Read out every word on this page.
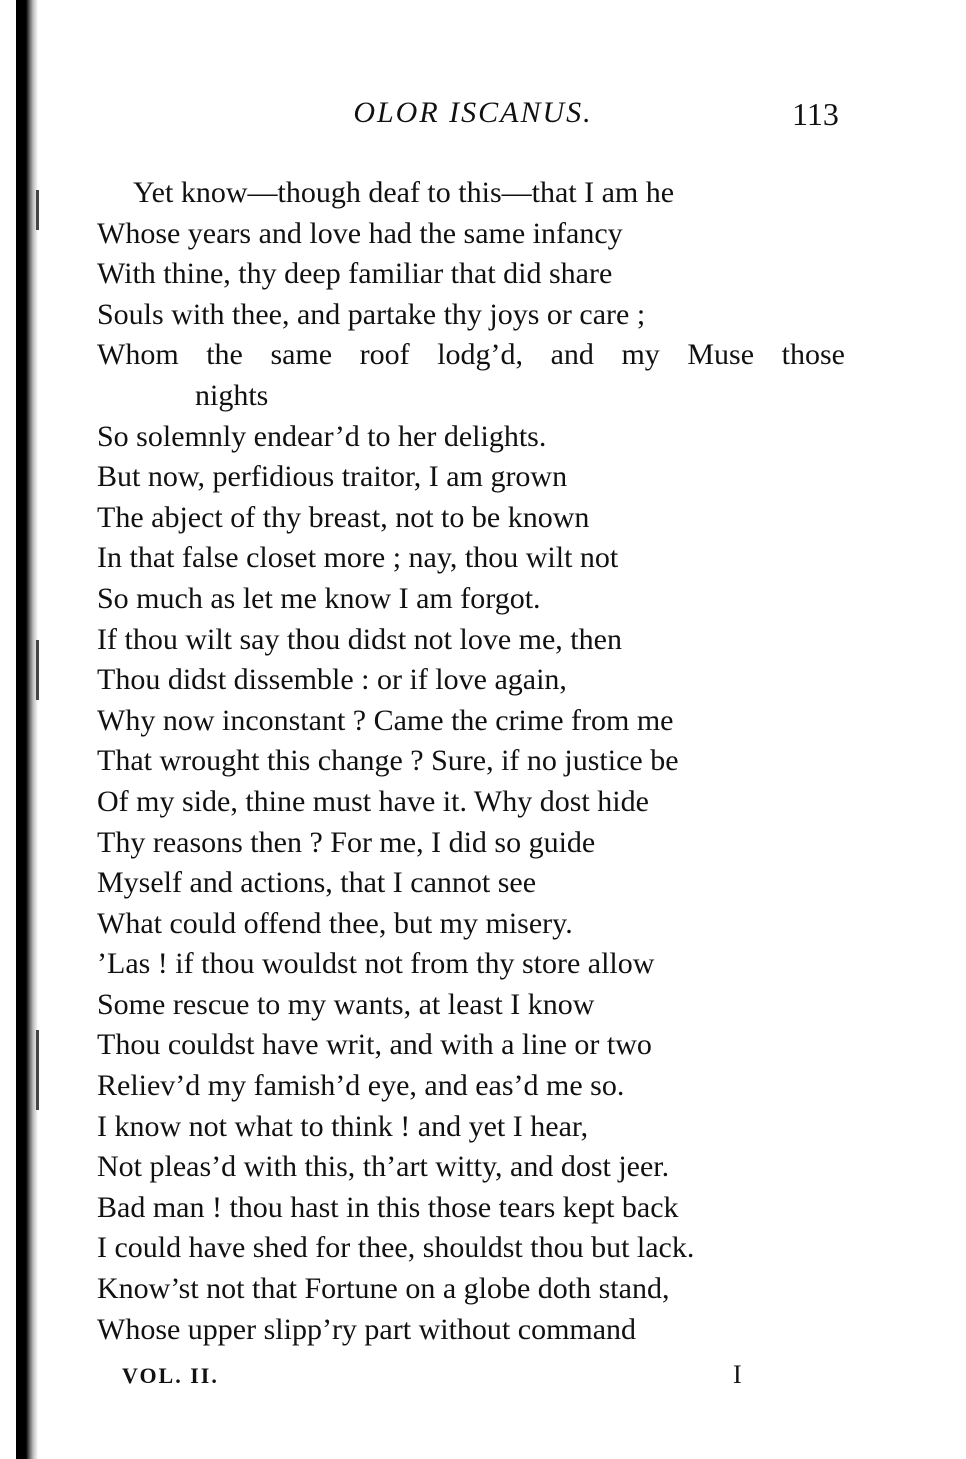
OLOR ISCANUS.	113
Yet know—though deaf to this—that I am he
Whose years and love had the same infancy
With thine, thy deep familiar that did share
Souls with thee, and partake thy joys or care ;
Whom the same roof lodg’d, and my Muse those
nights
So solemnly endear’d to her delights.
But now, perfidious traitor, I am grown
The abject of thy breast, not to be known
In that false closet more ; nay, thou wilt not
So much as let me know I am forgot.
If thou wilt say thou didst not love me, then
Thou didst dissemble : or if love again,
Why now inconstant ? Came the crime from me
That wrought this change ? Sure, if no justice be
Of my side, thine must have it. Why dost hide
Thy reasons then ? For me, I did so guide
Myself and actions, that I cannot see
What could offend thee, but my misery.
’Las ! if thou wouldst not from thy store allow
Some rescue to my wants, at least I know
Thou couldst have writ, and with a line or two
Reliev’d my famish’d eye, and eas’d me so.
I know not what to think ! and yet I hear,
Not pleas’d with this, th’art witty, and dost jeer.
Bad man ! thou hast in this those tears kept back
I could have shed for thee, shouldst thou but lack.
Know’st not that Fortune on a globe doth stand,
Whose upper slipp’ry part without command
VOL. II.	I
